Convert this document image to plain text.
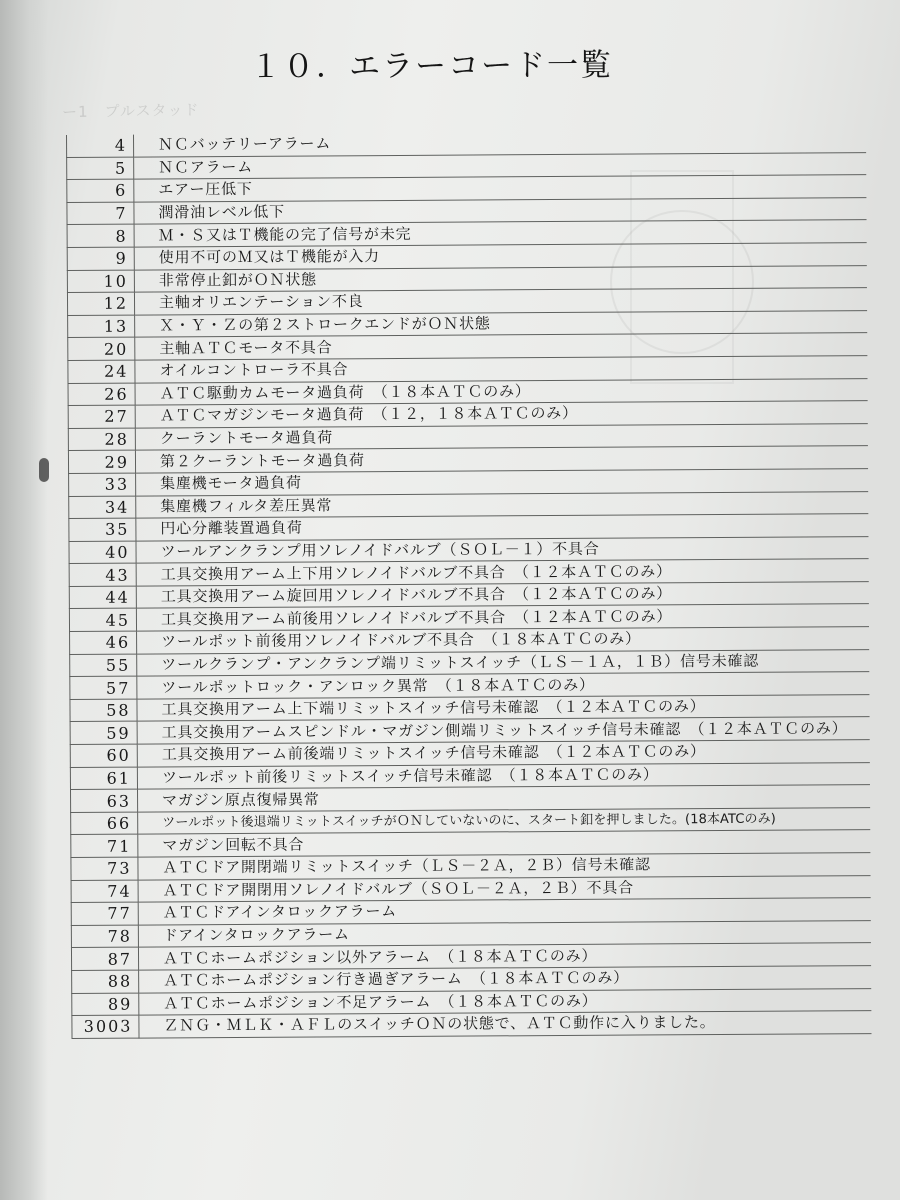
ー1　プルスタッド
１０．エラーコード一覧
4	ＮＣバッテリーアラーム
5	ＮＣアラーム
6	エアー圧低下
7	潤滑油レベル低下
8	Ｍ・Ｓ又はＴ機能の完了信号が未完
9	使用不可のＭ又はＴ機能が入力
10	非常停止釦がＯＮ状態
12	主軸オリエンテーション不良
13	Ｘ・Ｙ・Ｚの第２ストロークエンドがＯＮ状態
20	主軸ＡＴＣモータ不具合
24	オイルコントローラ不具合
26	ＡＴＣ駆動カムモータ過負荷　（１８本ＡＴＣのみ）
27	ＡＴＣマガジンモータ過負荷　（１２，１８本ＡＴＣのみ）
28	クーラントモータ過負荷
29	第２クーラントモータ過負荷
33	集塵機モータ過負荷
34	集塵機フィルタ差圧異常
35	円心分離装置過負荷
40	ツールアンクランプ用ソレノイドバルブ（ＳＯＬ－１）不具合
43	工具交換用アーム上下用ソレノイドバルブ不具合　（１２本ＡＴＣのみ）
44	工具交換用アーム旋回用ソレノイドバルブ不具合　（１２本ＡＴＣのみ）
45	工具交換用アーム前後用ソレノイドバルブ不具合　（１２本ＡＴＣのみ）
46	ツールポット前後用ソレノイドバルブ不具合　（１８本ＡＴＣのみ）
55	ツールクランプ・アンクランプ端リミットスイッチ（ＬＳ－１Ａ，１Ｂ）信号未確認
57	ツールポットロック・アンロック異常　（１８本ＡＴＣのみ）
58	工具交換用アーム上下端リミットスイッチ信号未確認　（１２本ＡＴＣのみ）
59	工具交換用アームスピンドル・マガジン側端リミットスイッチ信号未確認　（１２本ＡＴＣのみ）
60	工具交換用アーム前後端リミットスイッチ信号未確認　（１２本ＡＴＣのみ）
61	ツールポット前後リミットスイッチ信号未確認　（１８本ＡＴＣのみ）
63	マガジン原点復帰異常
66	ツールポット後退端リミットスイッチがＯＮしていないのに、スタート釦を押しました。(18本ATCのみ)
71	マガジン回転不具合
73	ＡＴＣドア開閉端リミットスイッチ（ＬＳ－２Ａ，２Ｂ）信号未確認
74	ＡＴＣドア開閉用ソレノイドバルブ（ＳＯＬ－２Ａ，２Ｂ）不具合
77	ＡＴＣドアインタロックアラーム
78	ドアインタロックアラーム
87	ＡＴＣホームポジション以外アラーム　（１８本ＡＴＣのみ）
88	ＡＴＣホームポジション行き過ぎアラーム　（１８本ＡＴＣのみ）
89	ＡＴＣホームポジション不足アラーム　（１８本ＡＴＣのみ）
3003	ＺＮＧ・ＭＬＫ・ＡＦＬのスイッチＯＮの状態で、ＡＴＣ動作に入りました。
